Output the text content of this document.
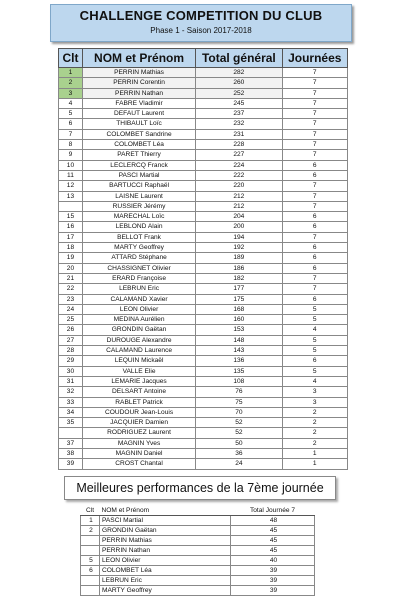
CHALLENGE COMPETITION DU CLUB
Phase 1 - Saison 2017-2018
Clt	NOM et Prénom	Total général	Journées
1	PERRIN Mathias	282	7
2	PERRIN Corentin	260	7
3	PERRIN Nathan	252	7
4	FABRE Vladimir	245	7
5	DEFAUT Laurent	237	7
6	THIBAULT Loïc	232	7
7	COLOMBET Sandrine	231	7
8	COLOMBET Léa	228	7
9	PARET Thierry	227	7
10	LECLERCQ Franck	224	6
11	PASCI Martial	222	6
12	BARTUCCI Raphaël	220	7
13	LAISNE Laurent	212	7
	RUSSIER Jérémy	212	7
15	MARECHAL Loïc	204	6
16	LEBLOND Alain	200	6
17	BELLOT Frank	194	7
18	MARTY Geoffrey	192	6
19	ATTARD Stéphane	189	6
20	CHASSIGNET Olivier	186	6
21	ERARD Françoise	182	7
22	LEBRUN Eric	177	7
23	CALAMAND Xavier	175	6
24	LEON Olivier	168	5
25	MEDINA Aurélien	160	5
26	GRONDIN Gaëtan	153	4
27	DUROUGE Alexandre	148	5
28	CALAMAND Laurence	143	5
29	LEQUIN Mickaël	136	6
30	VALLE Elie	135	5
31	LEMARIE Jacques	108	4
32	DELSART Antoine	76	3
33	RABLET Patrick	75	3
34	COUDOUR Jean-Louis	70	2
35	JACQUIER Damien	52	2
	RODRIGUEZ Laurent	52	2
37	MAGNIN Yves	50	2
38	MAGNIN Daniel	36	1
39	CROST Chantal	24	1
Meilleures performances de la 7ème journée
Clt	NOM et Prénom	Total Journée 7
1	PASCI Martial	48
2	GRONDIN Gaëtan	45
	PERRIN Mathias	45
	PERRIN Nathan	45
5	LEON Olivier	40
6	COLOMBET Léa	39
	LEBRUN Eric	39
	MARTY Geoffrey	39
